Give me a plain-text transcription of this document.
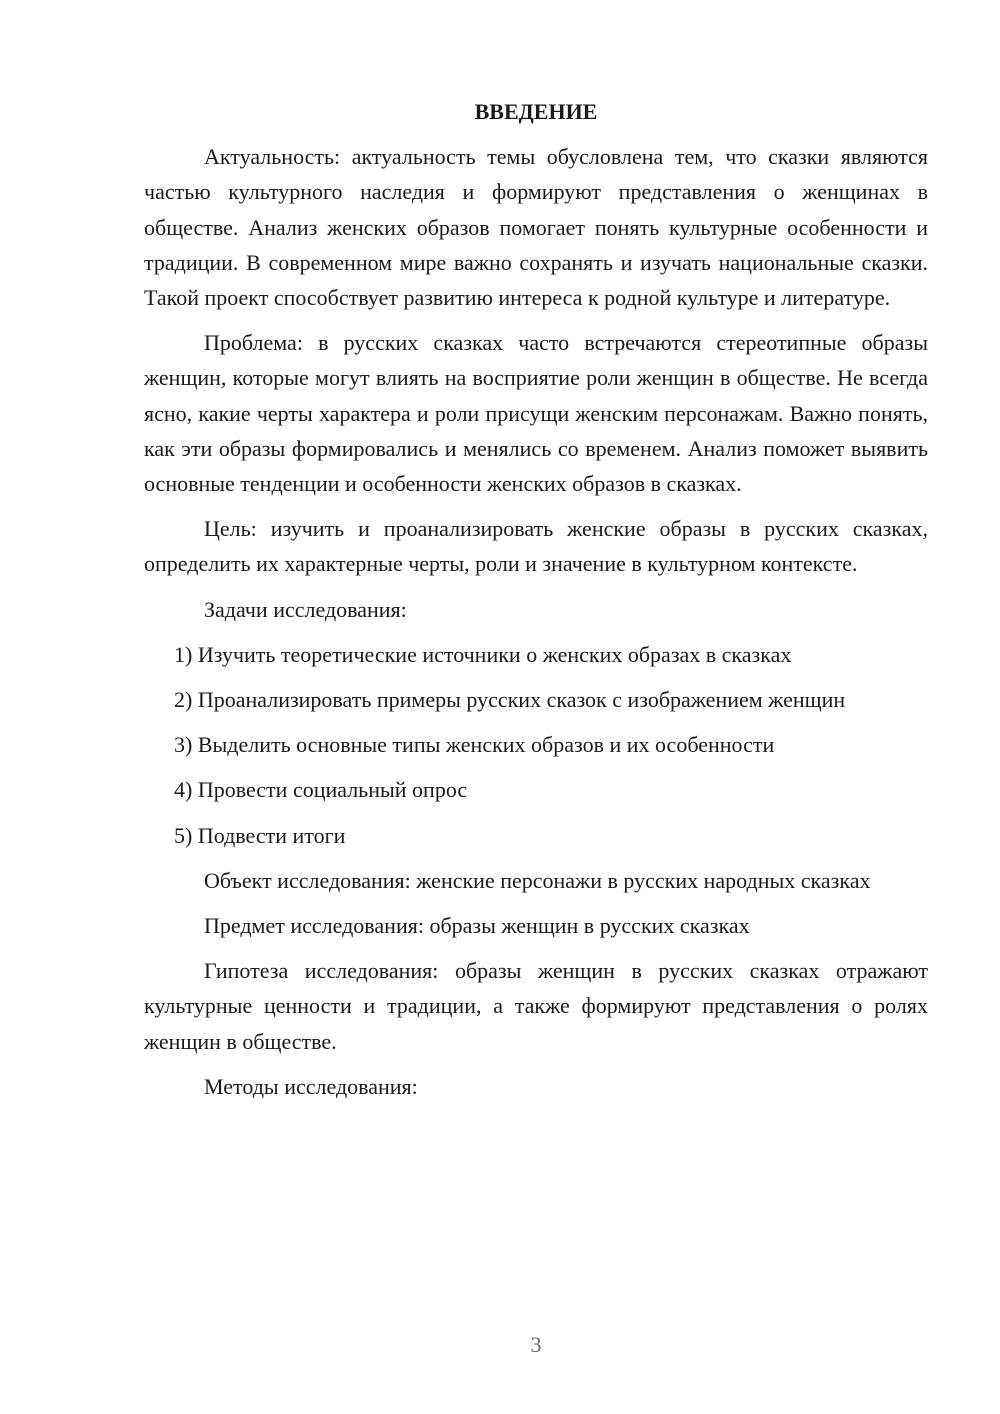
ВВЕДЕНИЕ

Актуальность: актуальность темы обусловлена тем, что сказки являются частью культурного наследия и формируют представления о женщинах в обществе. Анализ женских образов помогает понять культурные особенности и традиции. В современном мире важно сохранять и изучать национальные сказки. Такой проект способствует развитию интереса к родной культуре и литературе.

Проблема: в русских сказках часто встречаются стереотипные образы женщин, которые могут влиять на восприятие роли женщин в обществе. Не всегда ясно, какие черты характера и роли присущи женским персонажам. Важно понять, как эти образы формировались и менялись со временем. Анализ поможет выявить основные тенденции и особенности женских образов в сказках.

Цель: изучить и проанализировать женские образы в русских сказках, определить их характерные черты, роли и значение в культурном контексте.

Задачи исследования:

1) Изучить теоретические источники о женских образах в сказках

2) Проанализировать примеры русских сказок с изображением женщин

3) Выделить основные типы женских образов и их особенности

4) Провести социальный опрос

5) Подвести итоги

Объект исследования: женские персонажи в русских народных сказках

Предмет исследования: образы женщин в русских сказках

Гипотеза исследования: образы женщин в русских сказках отражают культурные ценности и традиции, а также формируют представления о ролях женщин в обществе.

Методы исследования:

3
